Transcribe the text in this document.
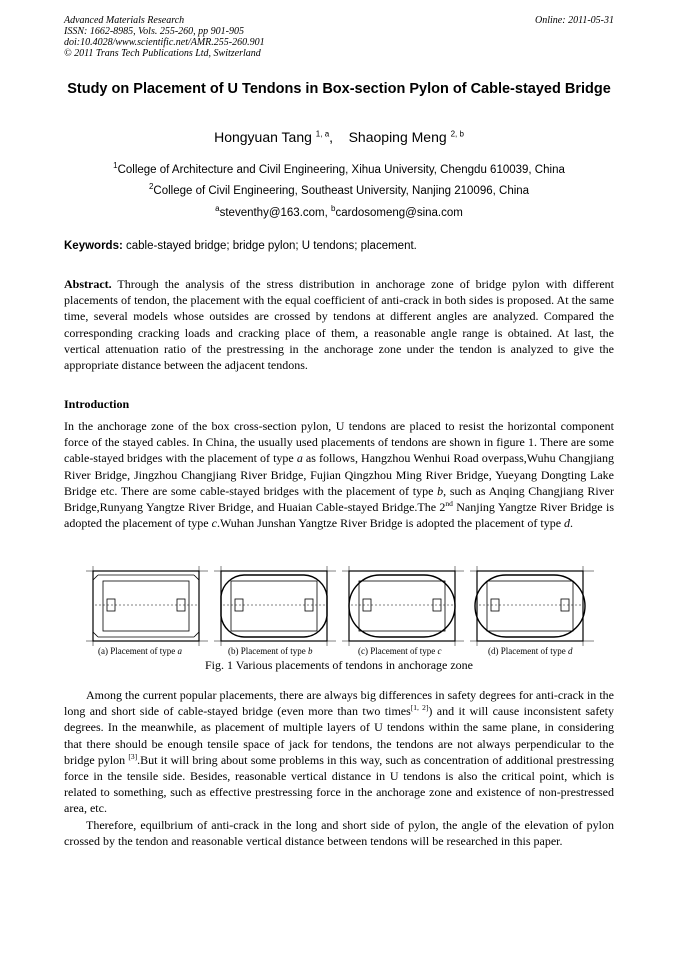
Advanced Materials Research
ISSN: 1662-8985, Vols. 255-260, pp 901-905
doi:10.4028/www.scientific.net/AMR.255-260.901
© 2011 Trans Tech Publications Ltd, Switzerland
Online: 2011-05-31
Study on Placement of U Tendons in Box-section Pylon of Cable-stayed Bridge
Hongyuan Tang $^{1, a}$, Shaoping Meng $^{2, b}$
$^1$College of Architecture and Civil Engineering, Xihua University, Chengdu 610039, China
$^2$College of Civil Engineering, Southeast University, Nanjing 210096, China
$^a$steventhy@163.com, $^b$cardosomeng@sina.com
Keywords: cable-stayed bridge; bridge pylon; U tendons; placement.
Abstract. Through the analysis of the stress distribution in anchorage zone of bridge pylon with different placements of tendon, the placement with the equal coefficient of anti-crack in both sides is proposed. At the same time, several models whose outsides are crossed by tendons at different angles are analyzed. Compared the corresponding cracking loads and cracking place of them, a reasonable angle range is obtained. At last, the vertical attenuation ratio of the prestressing in the anchorage zone under the tendon is analyzed to give the appropriate distance between the adjacent tendons.
Introduction
In the anchorage zone of the box cross-section pylon, U tendons are placed to resist the horizontal component force of the stayed cables. In China, the usually used placements of tendons are shown in figure 1. There are some cable-stayed bridges with the placement of type a as follows, Hangzhou Wenhui Road overpass,Wuhu Changjiang River Bridge, Jingzhou Changjiang River Bridge, Fujian Qingzhou Ming River Bridge, Yueyang Dongting Lake Bridge etc. There are some cable-stayed bridges with the placement of type b, such as Anqing Changjiang River Bridge,Runyang Yangtze River Bridge, and Huaian Cable-stayed Bridge.The 2nd Nanjing Yangtze River Bridge is adopted the placement of type c.Wuhan Junshan Yangtze River Bridge is adopted the placement of type d.
(a) Placement of type a	(b) Placement of type b	(c) Placement of type c	(d) Placement of type d
Fig. 1 Various placements of tendons in anchorage zone
Among the current popular placements, there are always big differences in safety degrees for anti-crack in the long and short side of cable-stayed bridge (even more than two times[1, 2]) and it will cause inconsistent safety degrees. In the meanwhile, as placement of multiple layers of U tendons within the same plane, in considering that there should be enough tensile space of jack for tendons, the tendons are not always perpendicular to the bridge pylon [3].But it will bring about some problems in this way, such as concentration of additional prestressing force in the tensile side. Besides, reasonable vertical distance in U tendons is also the critical point, which is related to something, such as effective prestressing force in the anchorage zone and existence of non-prestressed area, etc.
Therefore, equilbrium of anti-crack in the long and short side of pylon, the angle of the elevation of pylon crossed by the tendon and reasonable vertical distance between tendons will be researched in this paper.
